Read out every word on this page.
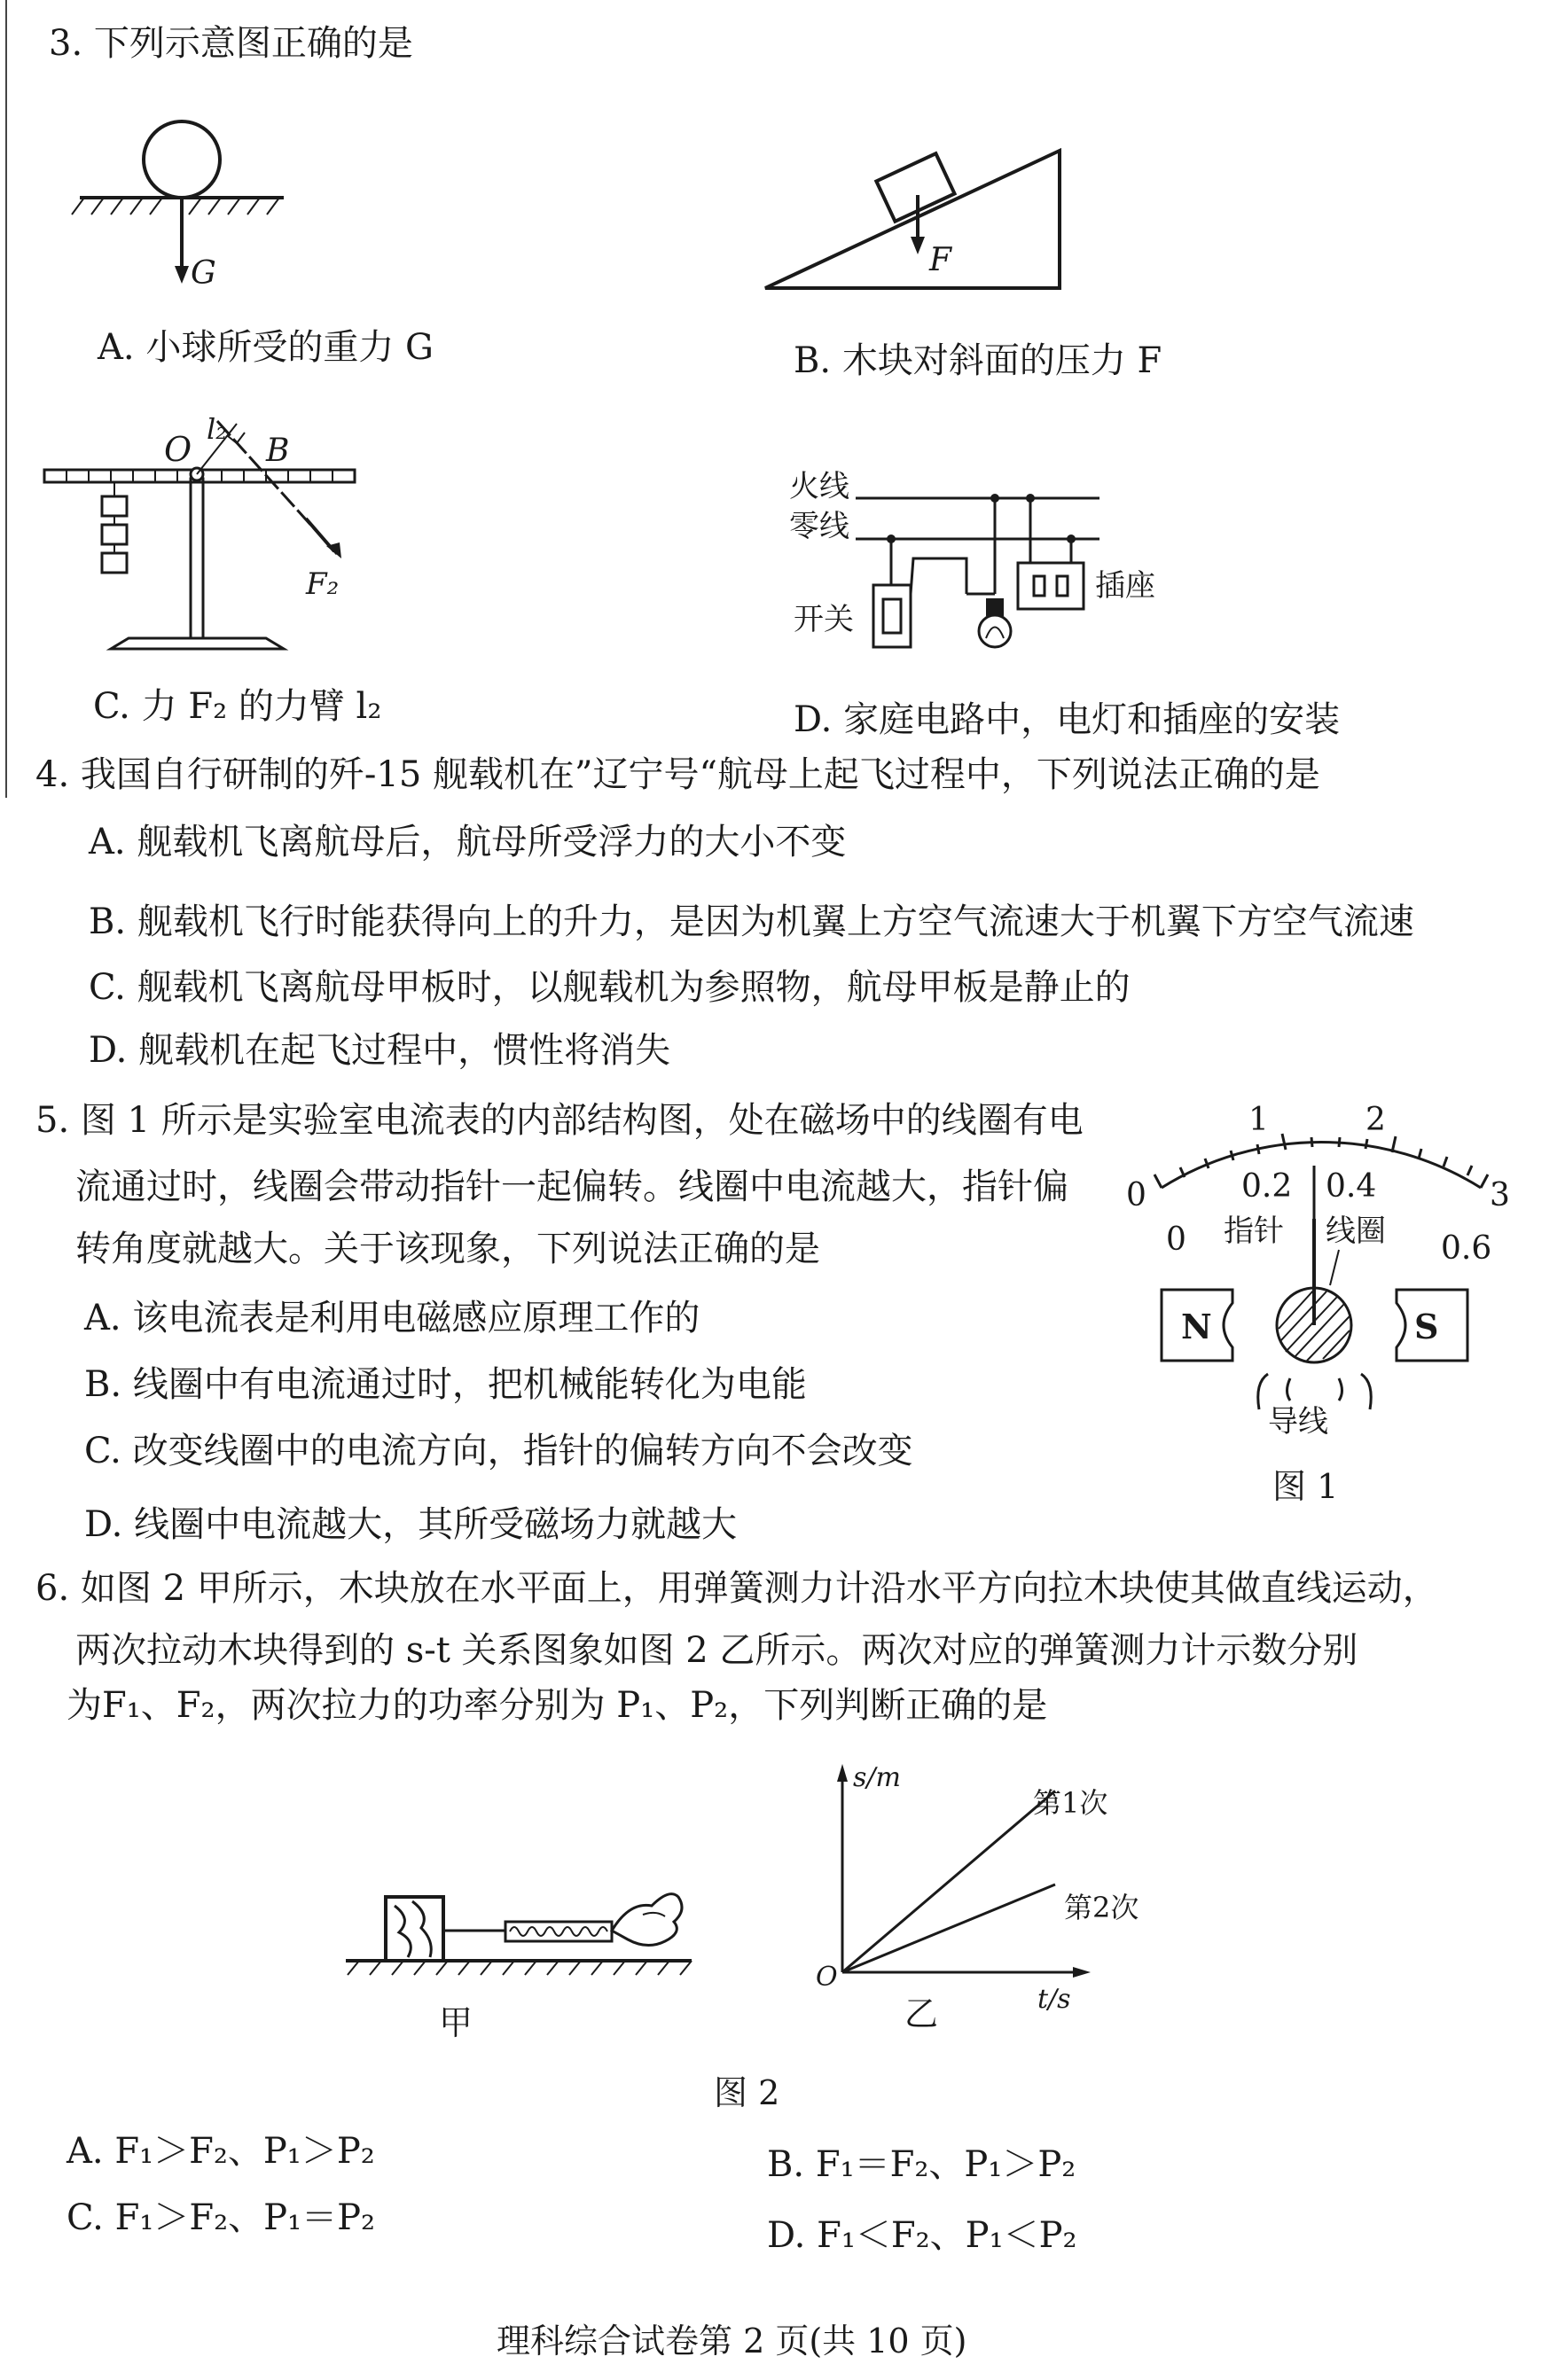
3. 下列示意图正确的是
G
A. 小球所受的重力 G
F
B. 木块对斜面的压力 F
O B
l₂
F₂
C. 力 F₂ 的力臂 l₂
火线
零线
插座
开关
D. 家庭电路中，电灯和插座的安装
4. 我国自行研制的歼-15 舰载机在”辽宁号“航母上起飞过程中，下列说法正确的是
A. 舰载机飞离航母后，航母所受浮力的大小不变
B. 舰载机飞行时能获得向上的升力，是因为机翼上方空气流速大于机翼下方空气流速
C. 舰载机飞离航母甲板时，以舰载机为参照物，航母甲板是静止的
D. 舰载机在起飞过程中，惯性将消失
5. 图 1 所示是实验室电流表的内部结构图，处在磁场中的线圈有电
流通过时，线圈会带动指针一起偏转。线圈中电流越大，指针偏
转角度就越大。关于该现象，下列说法正确的是
A. 该电流表是利用电磁感应原理工作的
B. 线圈中有电流通过时，把机械能转化为电能
C. 改变线圈中的电流方向，指针的偏转方向不会改变
D. 线圈中电流越大，其所受磁场力就越大
0
1	2
3
0
0.2 0.4
0.6
指针 线圈
N	S
导线
图 1
6. 如图 2 甲所示，木块放在水平面上，用弹簧测力计沿水平方向拉木块使其做直线运动，
两次拉动木块得到的 s-t 关系图象如图 2 乙所示。两次对应的弹簧测力计示数分别
为F₁、F₂，两次拉力的功率分别为 P₁、P₂，下列判断正确的是
甲
s/m
t/s
O
第1次
第2次
乙
图 2
A. F₁＞F₂、P₁＞P₂	B. F₁＝F₂、P₁＞P₂
C. F₁＞F₂、P₁＝P₂	D. F₁＜F₂、P₁＜P₂
理科综合试卷第 2 页(共 10 页)
